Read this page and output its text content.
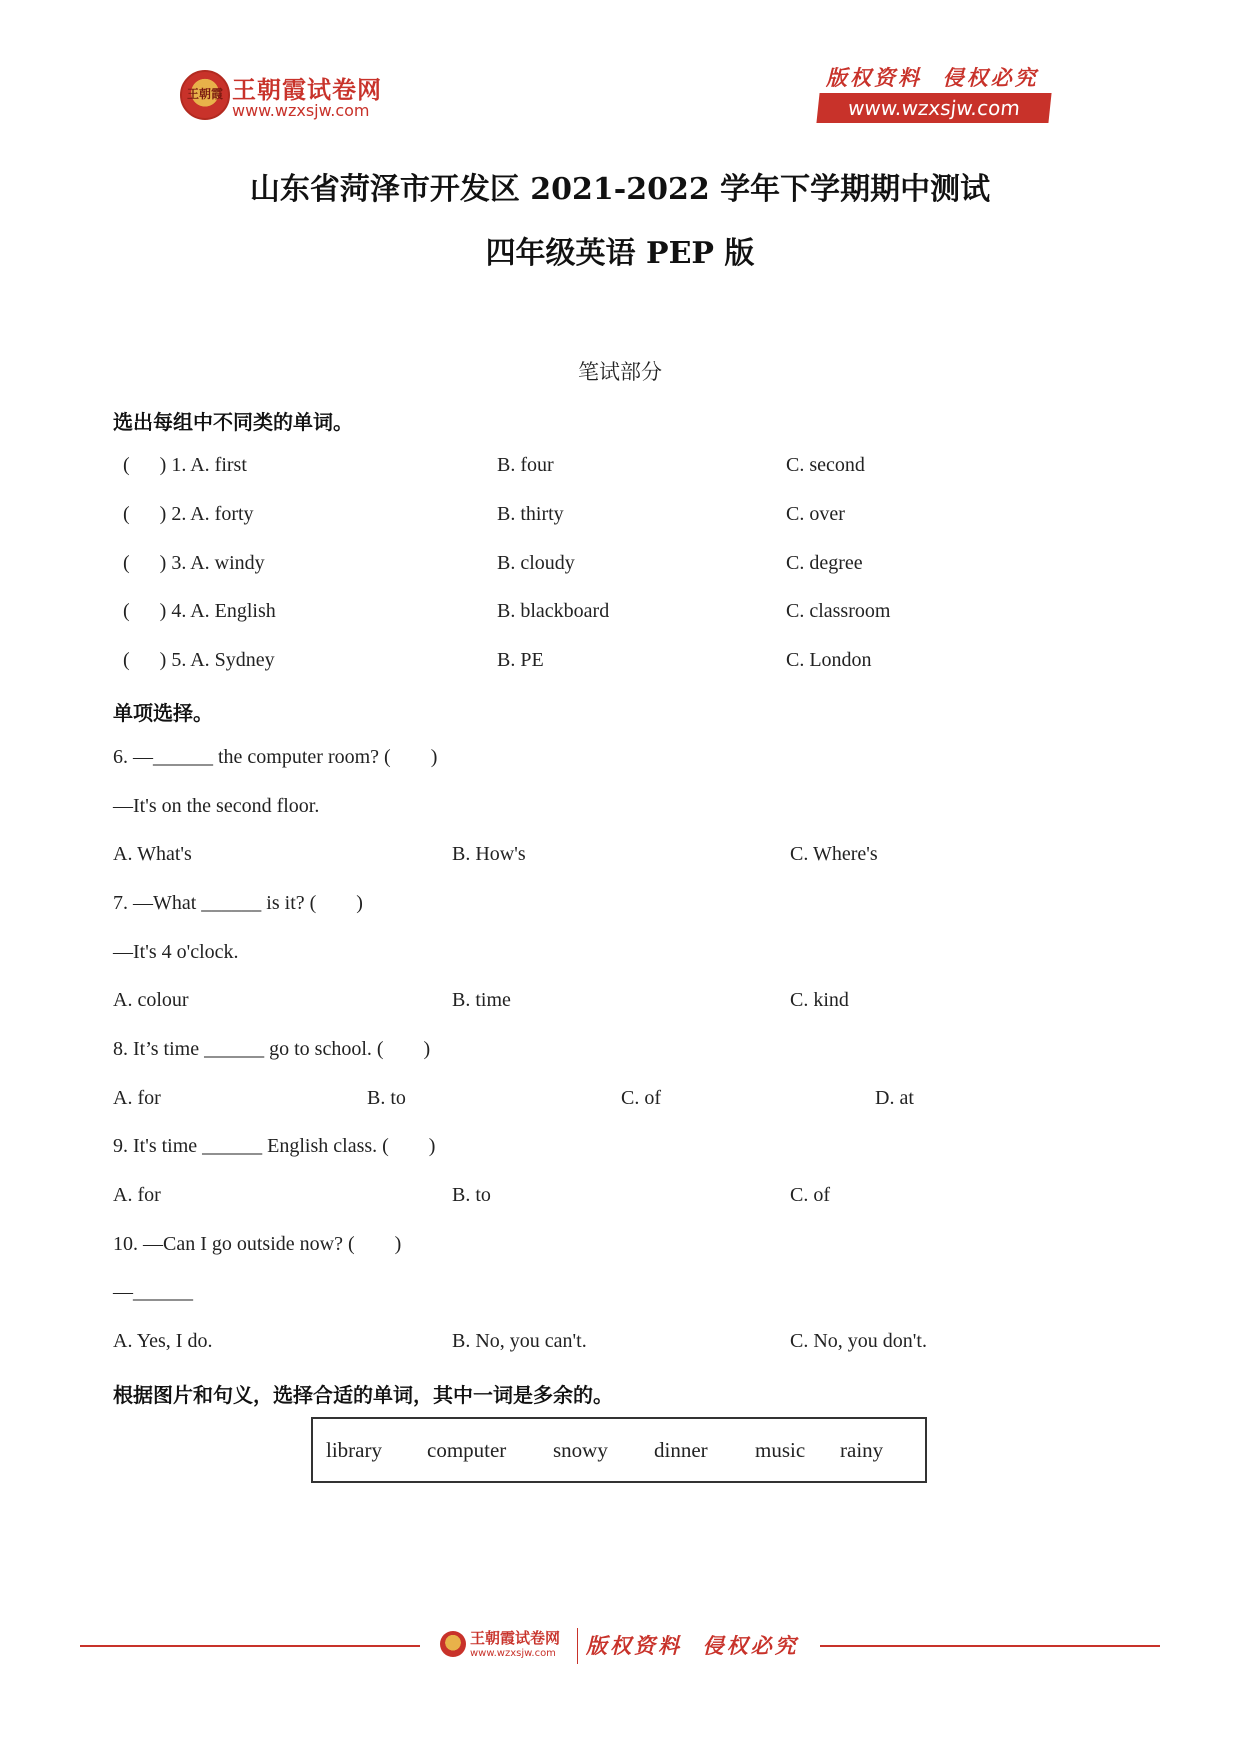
王朝霞 王朝霞试卷网
www.wzxsjw.com
版权资料  侵权必究
www.wzxsjw.com
山东省菏泽市开发区 2021-2022 学年下学期期中测试
四年级英语 PEP 版
笔试部分
选出每组中不同类的单词。
(      ) 1. A. first	B. four	C. second
(      ) 2. A. forty	B. thirty	C. over
(      ) 3. A. windy	B. cloudy	C. degree
(      ) 4. A. English	B. blackboard	C. classroom
(      ) 5. A. Sydney	B. PE	C. London
单项选择。
6. —______ the computer room? (        )
—It's on the second floor.
A. What's	B. How's	C. Where's
7. —What ______ is it? (        )
—It's 4 o'clock.
A. colour	B. time	C. kind
8. It’s time ______ go to school. (        )
A. for	B. to	C. of	D. at
9. It's time ______ English class. (        )
A. for	B. to	C. of
10. —Can I go outside now? (        )
—______
A. Yes, I do.	B. No, you can't.	C. No, you don't.
根据图片和句义，选择合适的单词，其中一词是多余的。
library computer snowy dinner music rainy
王朝霞试卷网
www.wzxsjw.com 版权资料  侵权必究
